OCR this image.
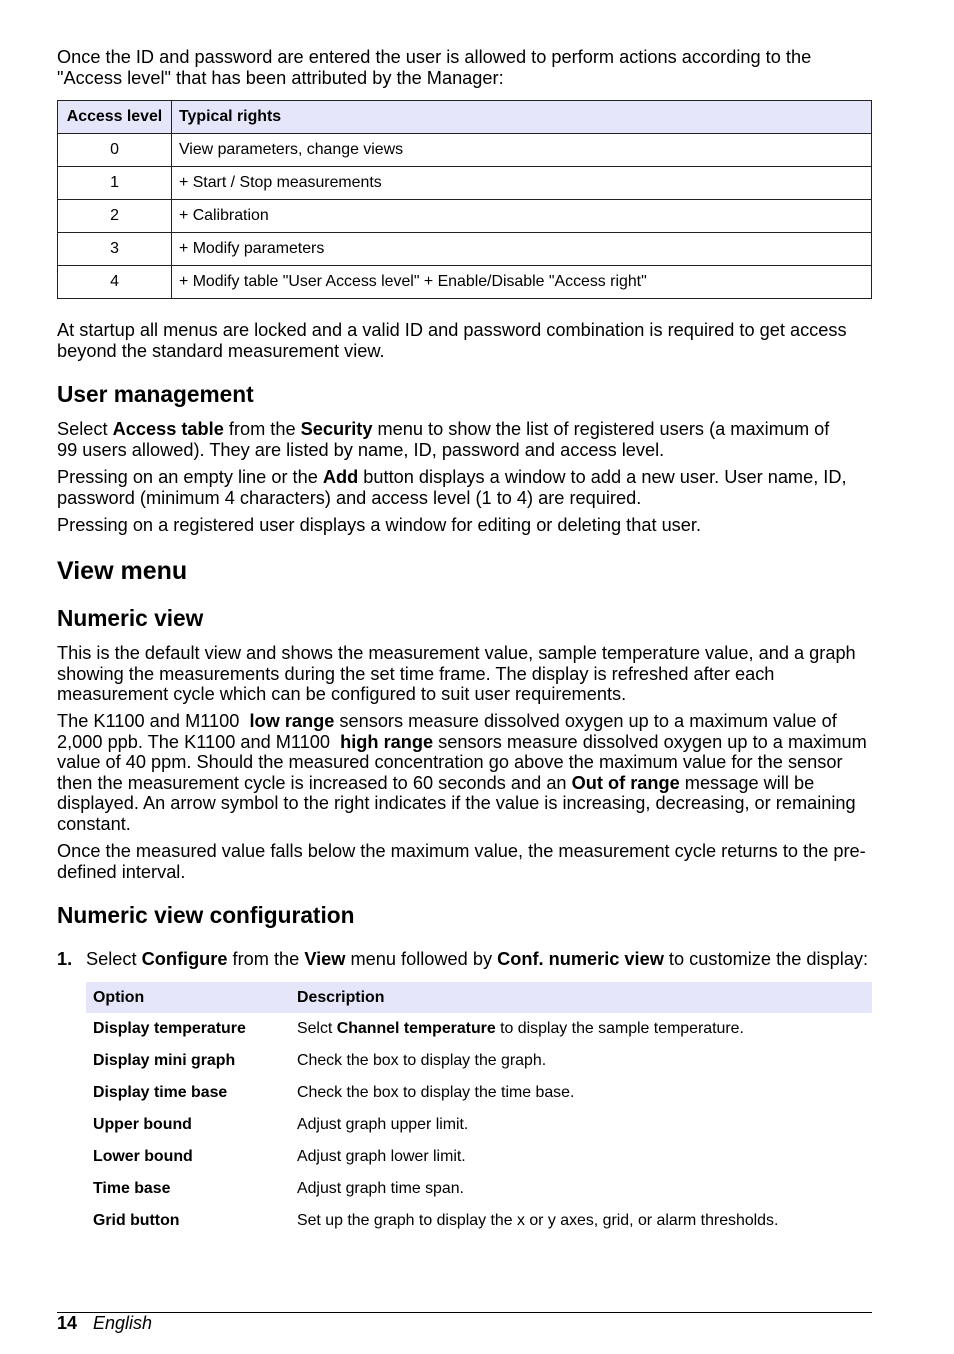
Once the ID and password are entered the user is allowed to perform actions according to the
"Access level" that has been attributed by the Manager:
Access level	Typical rights
0	View parameters, change views
1	+ Start / Stop measurements
2	+ Calibration
3	+ Modify parameters
4	+ Modify table "User Access level" + Enable/Disable "Access right"
At startup all menus are locked and a valid ID and password combination is required to get access
beyond the standard measurement view.
User management
Select Access table from the Security menu to show the list of registered users (a maximum of
99 users allowed). They are listed by name, ID, password and access level.
Pressing on an empty line or the Add button displays a window to add a new user. User name, ID,
password (minimum 4 characters) and access level (1 to 4) are required.
Pressing on a registered user displays a window for editing or deleting that user.
View menu
Numeric view
This is the default view and shows the measurement value, sample temperature value, and a graph
showing the measurements during the set time frame. The display is refreshed after each
measurement cycle which can be configured to suit user requirements.
The K1100 and M1100  low range sensors measure dissolved oxygen up to a maximum value of
2,000 ppb. The K1100 and M1100  high range sensors measure dissolved oxygen up to a maximum
value of 40 ppm. Should the measured concentration go above the maximum value for the sensor
then the measurement cycle is increased to 60 seconds and an Out of range message will be
displayed. An arrow symbol to the right indicates if the value is increasing, decreasing, or remaining
constant.
Once the measured value falls below the maximum value, the measurement cycle returns to the pre-
defined interval.
Numeric view configuration
1. Select Configure from the View menu followed by Conf. numeric view to customize the display:
Option	Description
Display temperature	Selct Channel temperature to display the sample temperature.
Display mini graph	Check the box to display the graph.
Display time base	Check the box to display the time base.
Upper bound	Adjust graph upper limit.
Lower bound	Adjust graph lower limit.
Time base	Adjust graph time span.
Grid button	Set up the graph to display the x or y axes, grid, or alarm thresholds.
14 English
